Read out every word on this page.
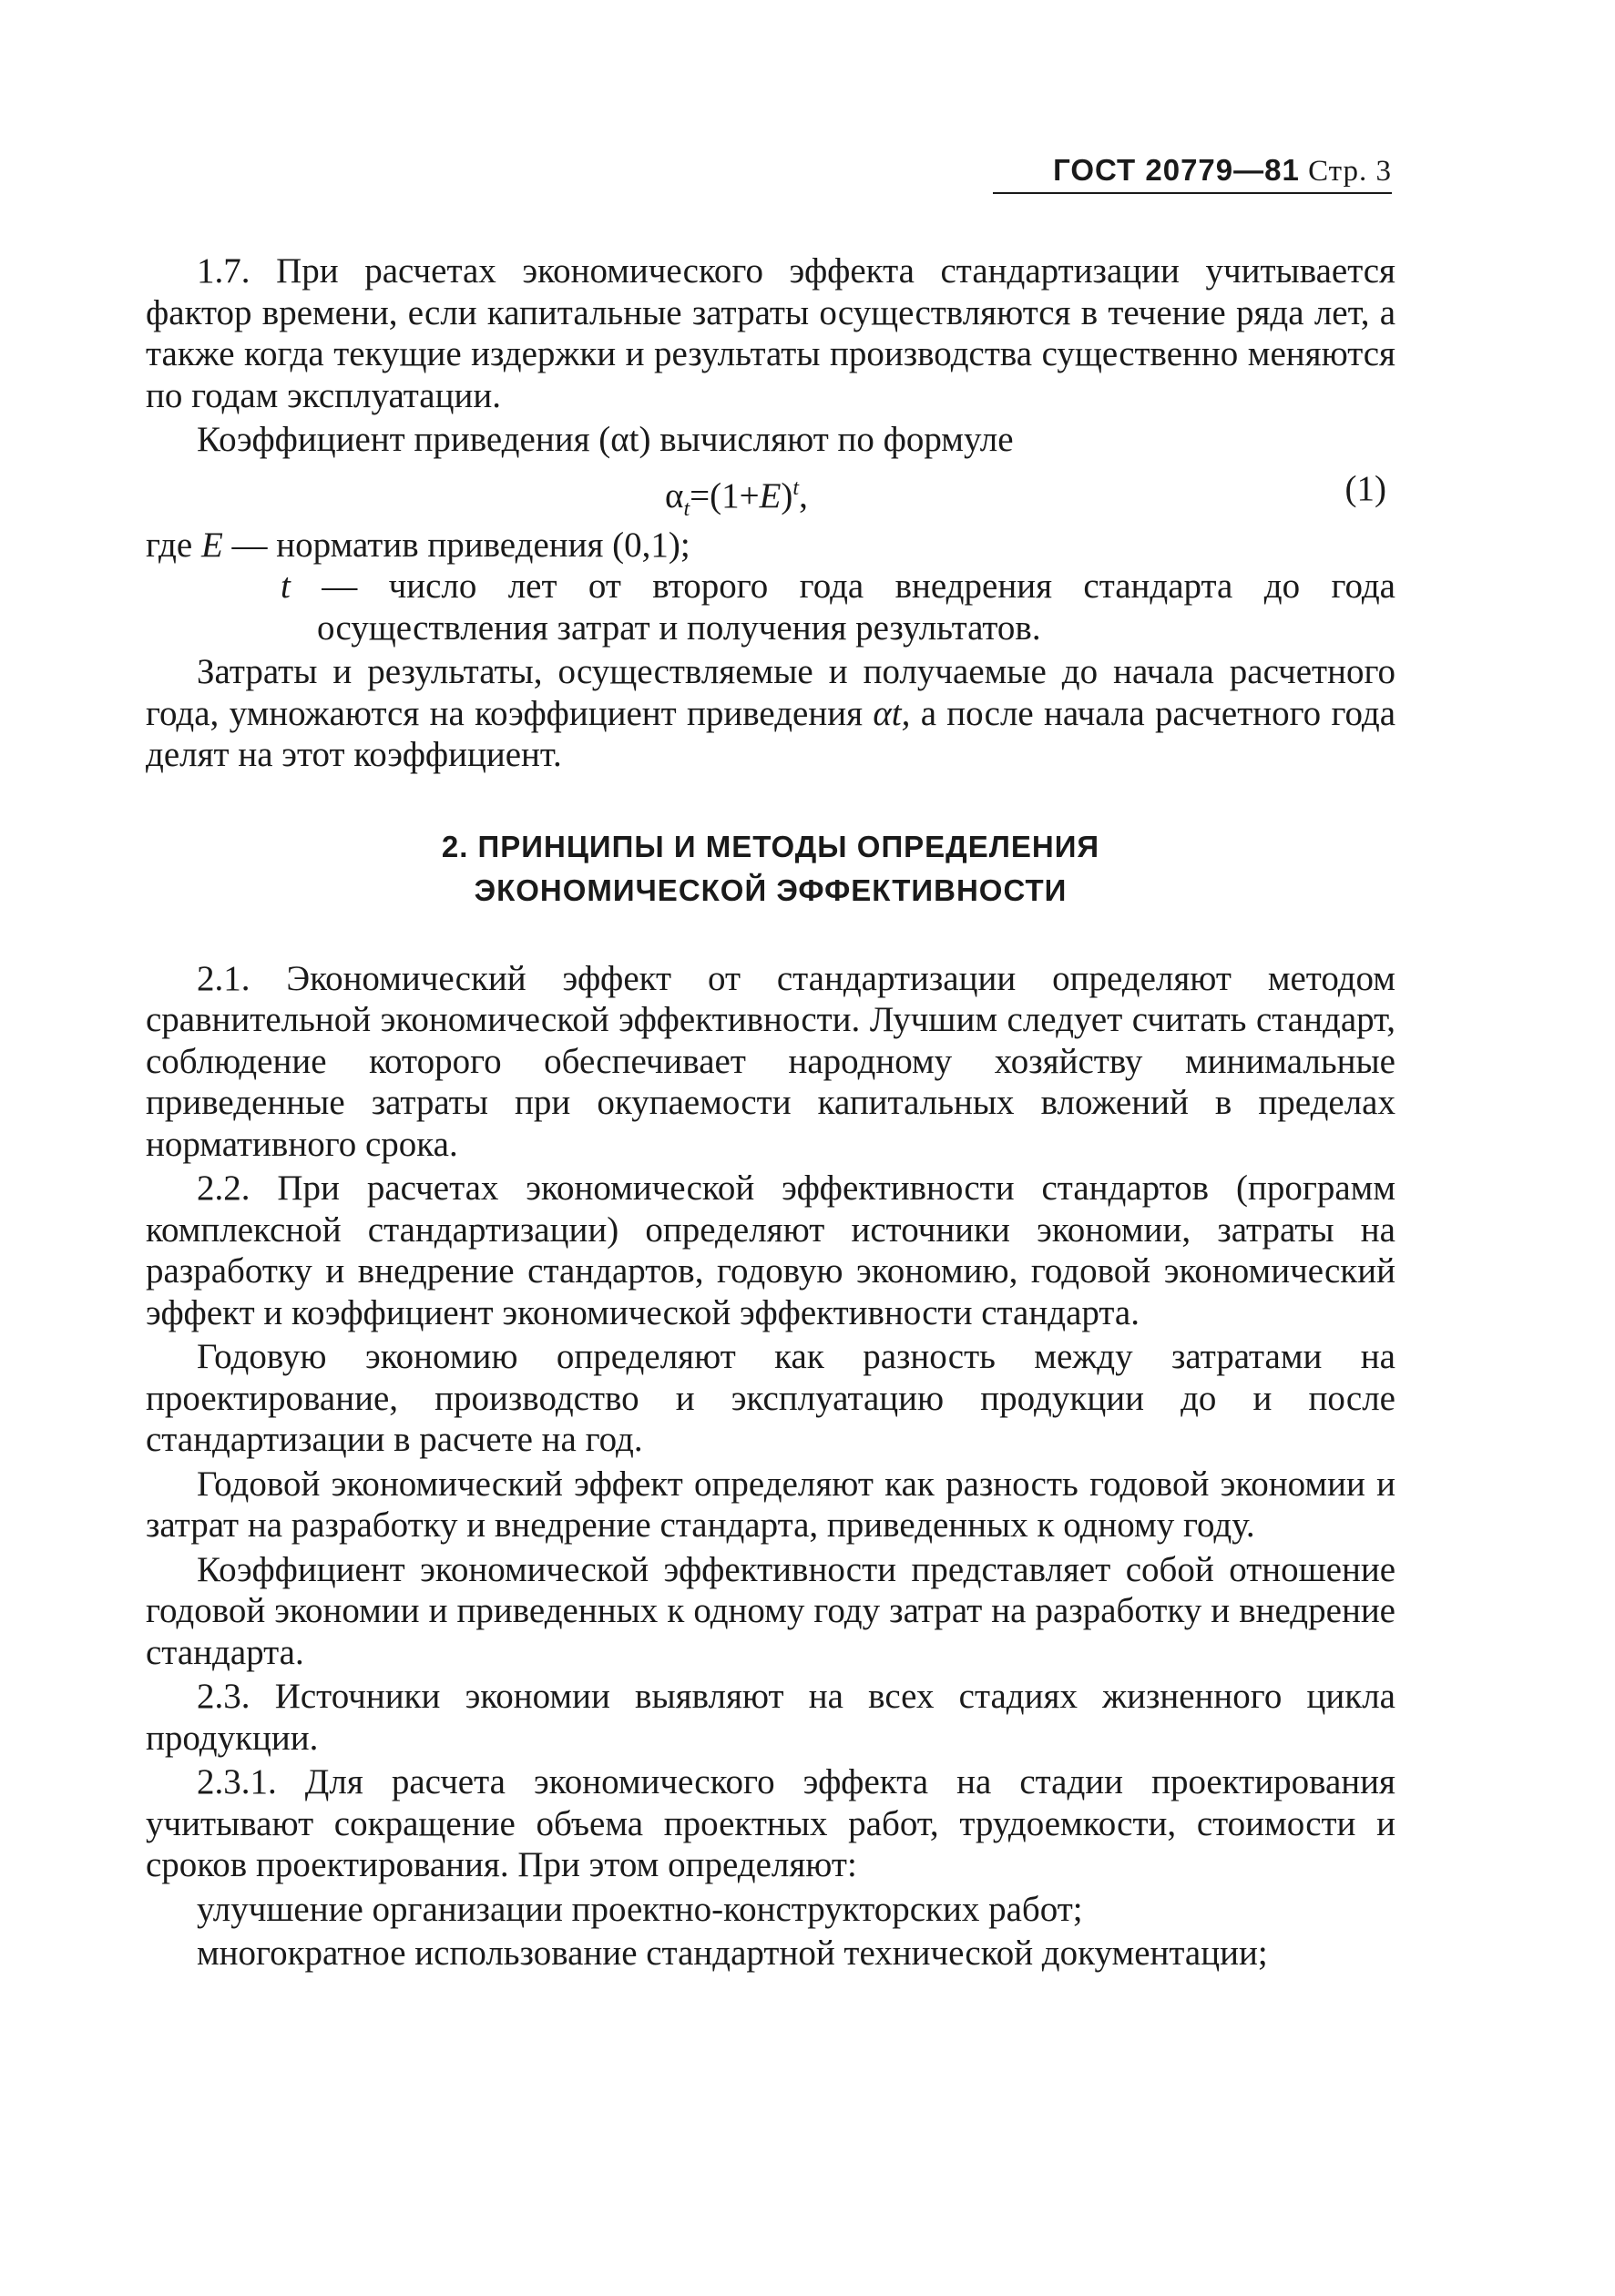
ГОСТ 20779—81 Стр. 3

1.7. При расчетах экономического эффекта стандартизации учитывается фактор времени, если капитальные затраты осуществляются в течение ряда лет, а также когда текущие издержки и результаты производства существенно меняются по годам эксплуатации.

Коэффициент приведения (αt) вычисляют по формуле

$\alpha_t=(1+E)^t$,	(1)

где E — норматив приведения (0,1);

t — число лет от второго года внедрения стандарта до года осуществления затрат и получения результатов.

Затраты и результаты, осуществляемые и получаемые до начала расчетного года, умножаются на коэффициент приведения αt, а после начала расчетного года делят на этот коэффициент.

2. ПРИНЦИПЫ И МЕТОДЫ ОПРЕДЕЛЕНИЯ
ЭКОНОМИЧЕСКОЙ ЭФФЕКТИВНОСТИ

2.1. Экономический эффект от стандартизации определяют методом сравнительной экономической эффективности. Лучшим следует считать стандарт, соблюдение которого обеспечивает народному хозяйству минимальные приведенные затраты при окупаемости капитальных вложений в пределах нормативного срока.

2.2. При расчетах экономической эффективности стандартов (программ комплексной стандартизации) определяют источники экономии, затраты на разработку и внедрение стандартов, годовую экономию, годовой экономический эффект и коэффициент экономической эффективности стандарта.

Годовую экономию определяют как разность между затратами на проектирование, производство и эксплуатацию продукции до и после стандартизации в расчете на год.

Годовой экономический эффект определяют как разность годовой экономии и затрат на разработку и внедрение стандарта, приведенных к одному году.

Коэффициент экономической эффективности представляет собой отношение годовой экономии и приведенных к одному году затрат на разработку и внедрение стандарта.

2.3. Источники экономии выявляют на всех стадиях жизненного цикла продукции.

2.3.1. Для расчета экономического эффекта на стадии проектирования учитывают сокращение объема проектных работ, трудоемкости, стоимости и сроков проектирования. При этом определяют:

улучшение организации проектно-конструкторских работ;

многократное использование стандартной технической документации;
